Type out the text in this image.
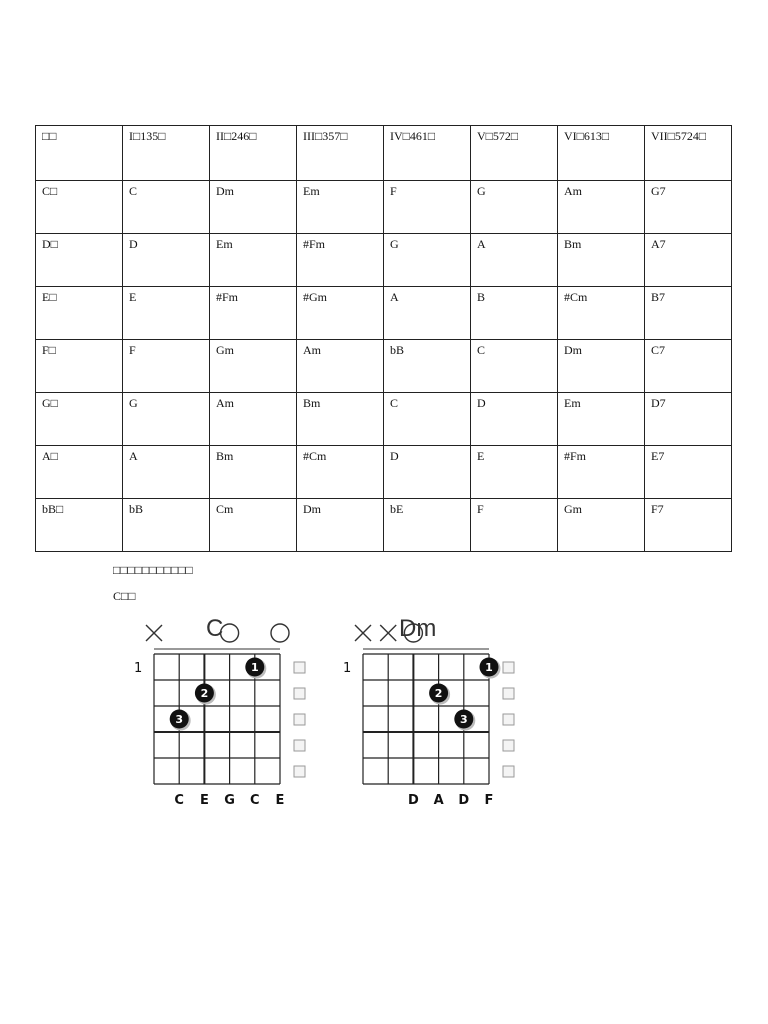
□□	I□135□	II□246□	III□357□	IV□461□	V□572□	VI□613□	VII□5724□
C□	C	Dm	Em	F	G	Am	G7
D□	D	Em	#Fm	G	A	Bm	A7
E□	E	#Fm	#Gm	A	B	#Cm	B7
F□	F	Gm	Am	bB	C	Dm	C7
G□	G	Am	Bm	C	D	Em	D7
A□	A	Bm	#Cm	D	E	#Fm	E7
bB□	bB	Cm	Dm	bE	F	Gm	F7
□□□□□□□□□□□
C□□
C
1	1
2
3
C E G C E
Dm
1	1
2
3
D A D F
